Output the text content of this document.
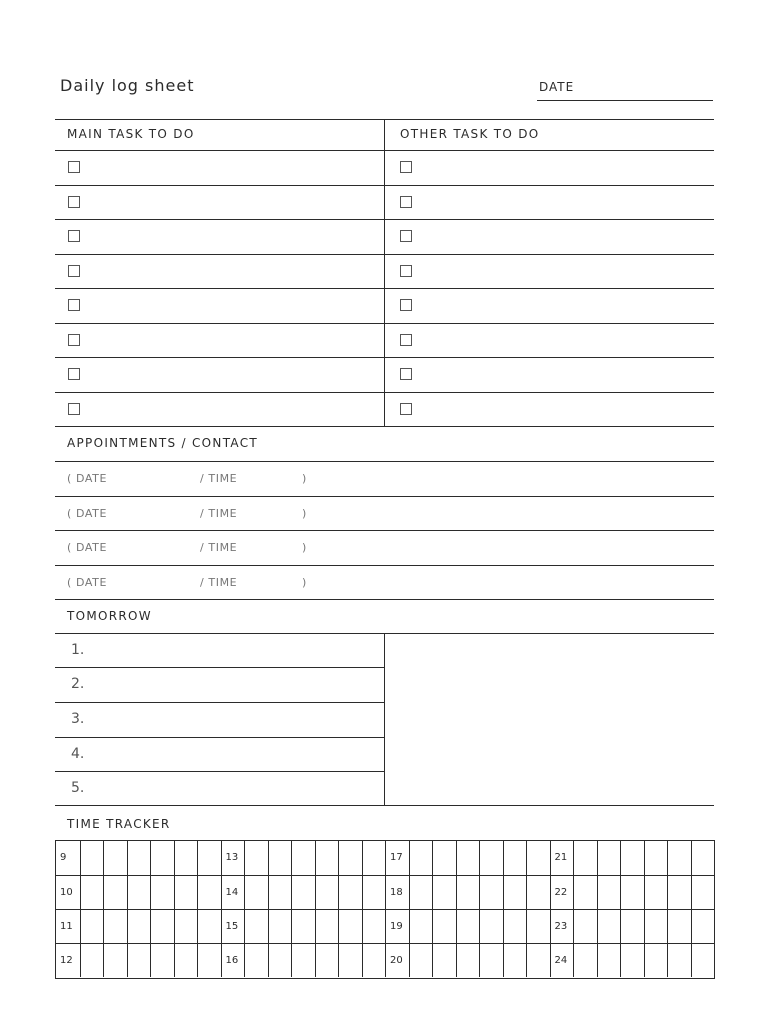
Daily log sheet	DATE
MAIN TASK TO DO	OTHER TASK TO DO
APPOINTMENTS / CONTACT
( DATE	/ TIME	)
( DATE	/ TIME	)
( DATE	/ TIME	)
( DATE	/ TIME	)
TOMORROW
1.
2.
3.
4.
5.
TIME TRACKER
9	13	17	21
10	14	18	22
11	15	19	23
12	16	20	24
